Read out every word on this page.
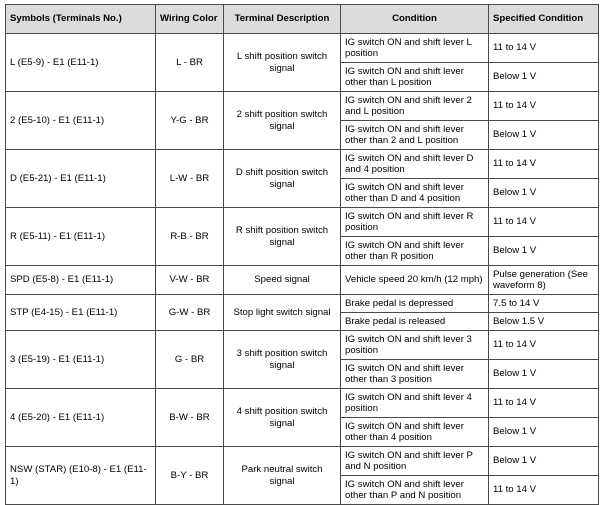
Symbols (Terminals No.)	Wiring Color	Terminal Description	Condition	Specified Condition
L (E5-9) - E1 (E11-1)	L - BR	L shift position switch signal	IG switch ON and shift lever L position	11 to 14 V
			IG switch ON and shift lever other than L position	Below 1 V
2 (E5-10) - E1 (E11-1)	Y-G - BR	2 shift position switch signal	IG switch ON and shift lever 2 and L position	11 to 14 V
			IG switch ON and shift lever other than 2 and L position	Below 1 V
D (E5-21) - E1 (E11-1)	L-W - BR	D shift position switch signal	IG switch ON and shift lever D and 4 position	11 to 14 V
			IG switch ON and shift lever other than D and 4 position	Below 1 V
R (E5-11) - E1 (E11-1)	R-B - BR	R shift position switch signal	IG switch ON and shift lever R position	11 to 14 V
			IG switch ON and shift lever other than R position	Below 1 V
SPD (E5-8) - E1 (E11-1)	V-W - BR	Speed signal	Vehicle speed 20 km/h (12 mph)	Pulse generation (See waveform 8)
STP (E4-15) - E1 (E11-1)	G-W - BR	Stop light switch signal	Brake pedal is depressed	7.5 to 14 V
			Brake pedal is released	Below 1.5 V
3 (E5-19) - E1 (E11-1)	G - BR	3 shift position switch signal	IG switch ON and shift lever 3 position	11 to 14 V
			IG switch ON and shift lever other than 3 position	Below 1 V
4 (E5-20) - E1 (E11-1)	B-W - BR	4 shift position switch signal	IG switch ON and shift lever 4 position	11 to 14 V
			IG switch ON and shift lever other than 4 position	Below 1 V
NSW (STAR) (E10-8) - E1 (E11-1)	B-Y - BR	Park neutral switch signal	IG switch ON and shift lever P and N position	Below 1 V
			IG switch ON and shift lever other than P and N position	11 to 14 V
